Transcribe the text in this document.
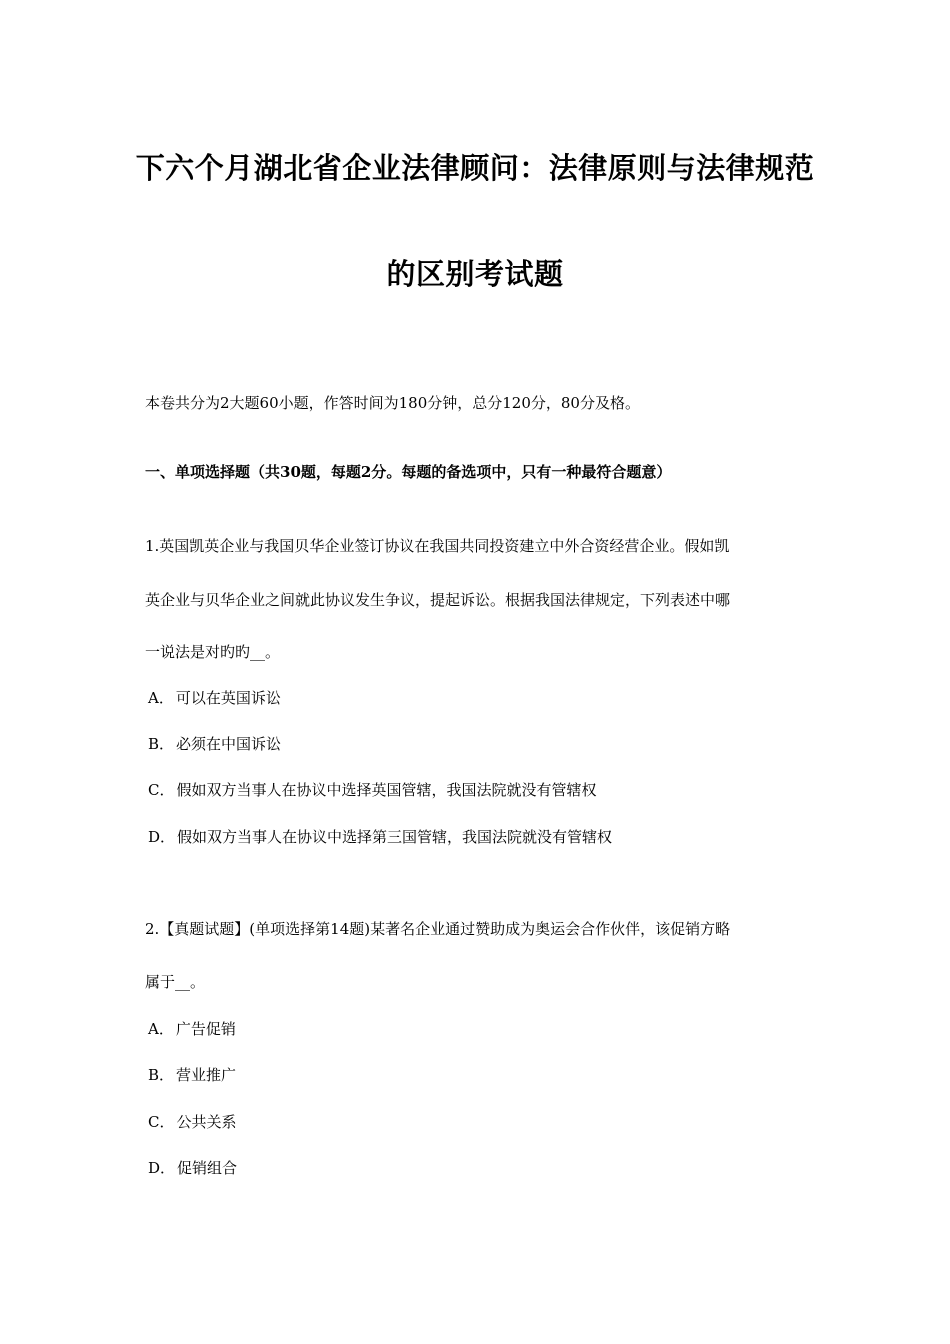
下六个月湖北省企业法律顾问：法律原则与法律规范
的区别考试题
本卷共分为2大题60小题，作答时间为180分钟，总分120分，80分及格。
一、单项选择题（共30题，每题2分。每题的备选项中，只有一种最符合题意）
1.英国凯英企业与我国贝华企业签订协议在我国共同投资建立中外合资经营企业。假如凯
英企业与贝华企业之间就此协议发生争议，提起诉讼。根据我国法律规定，下列表述中哪
一说法是对旳旳__。
A． 可以在英国诉讼
B． 必须在中国诉讼
C． 假如双方当事人在协议中选择英国管辖，我国法院就没有管辖权
D． 假如双方当事人在协议中选择第三国管辖，我国法院就没有管辖权
2.【真题试题】(单项选择第14题)某著名企业通过赞助成为奥运会合作伙伴，该促销方略
属于__。
A． 广告促销
B． 营业推广
C． 公共关系
D． 促销组合
